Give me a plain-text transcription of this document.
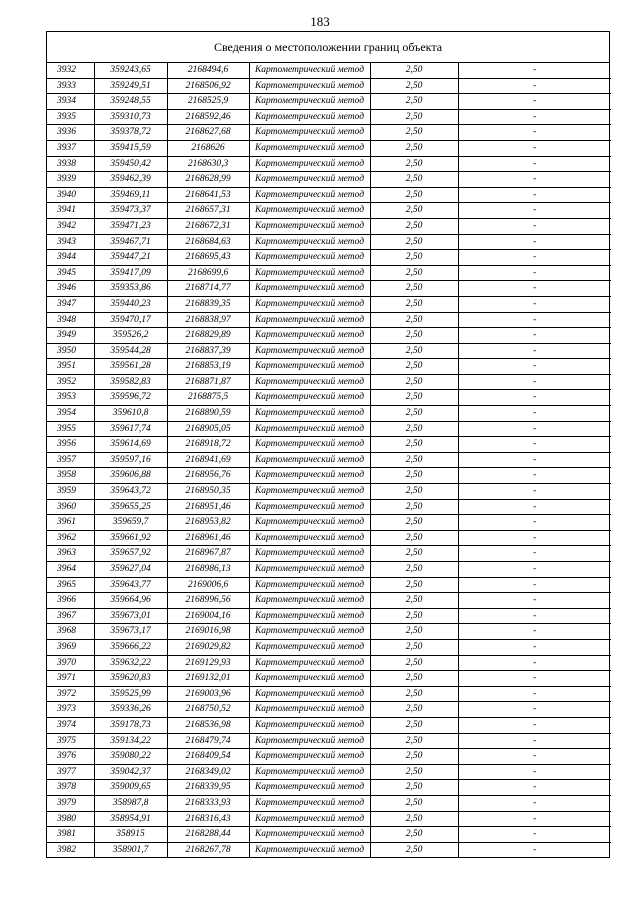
183
Сведения о местоположении границ объекта
3932	359243,65	2168494,6	Картометрический метод	2,50	-
3933	359249,51	2168506,92	Картометрический метод	2,50	-
3934	359248,55	2168525,9	Картометрический метод	2,50	-
3935	359310,73	2168592,46	Картометрический метод	2,50	-
3936	359378,72	2168627,68	Картометрический метод	2,50	-
3937	359415,59	2168626	Картометрический метод	2,50	-
3938	359450,42	2168630,3	Картометрический метод	2,50	-
3939	359462,39	2168628,99	Картометрический метод	2,50	-
3940	359469,11	2168641,53	Картометрический метод	2,50	-
3941	359473,37	2168657,31	Картометрический метод	2,50	-
3942	359471,23	2168672,31	Картометрический метод	2,50	-
3943	359467,71	2168684,63	Картометрический метод	2,50	-
3944	359447,21	2168695,43	Картометрический метод	2,50	-
3945	359417,09	2168699,6	Картометрический метод	2,50	-
3946	359353,86	2168714,77	Картометрический метод	2,50	-
3947	359440,23	2168839,35	Картометрический метод	2,50	-
3948	359470,17	2168838,97	Картометрический метод	2,50	-
3949	359526,2	2168829,89	Картометрический метод	2,50	-
3950	359544,28	2168837,39	Картометрический метод	2,50	-
3951	359561,28	2168853,19	Картометрический метод	2,50	-
3952	359582,83	2168871,87	Картометрический метод	2,50	-
3953	359596,72	2168875,5	Картометрический метод	2,50	-
3954	359610,8	2168890,59	Картометрический метод	2,50	-
3955	359617,74	2168905,05	Картометрический метод	2,50	-
3956	359614,69	2168918,72	Картометрический метод	2,50	-
3957	359597,16	2168941,69	Картометрический метод	2,50	-
3958	359606,88	2168956,76	Картометрический метод	2,50	-
3959	359643,72	2168950,35	Картометрический метод	2,50	-
3960	359655,25	2168951,46	Картометрический метод	2,50	-
3961	359659,7	2168953,82	Картометрический метод	2,50	-
3962	359661,92	2168961,46	Картометрический метод	2,50	-
3963	359657,92	2168967,87	Картометрический метод	2,50	-
3964	359627,04	2168986,13	Картометрический метод	2,50	-
3965	359643,77	2169006,6	Картометрический метод	2,50	-
3966	359664,96	2168996,56	Картометрический метод	2,50	-
3967	359673,01	2169004,16	Картометрический метод	2,50	-
3968	359673,17	2169016,98	Картометрический метод	2,50	-
3969	359666,22	2169029,82	Картометрический метод	2,50	-
3970	359632,22	2169129,93	Картометрический метод	2,50	-
3971	359620,83	2169132,01	Картометрический метод	2,50	-
3972	359525,99	2169003,96	Картометрический метод	2,50	-
3973	359336,26	2168750,52	Картометрический метод	2,50	-
3974	359178,73	2168536,98	Картометрический метод	2,50	-
3975	359134,22	2168479,74	Картометрический метод	2,50	-
3976	359080,22	2168409,54	Картометрический метод	2,50	-
3977	359042,37	2168349,02	Картометрический метод	2,50	-
3978	359009,65	2168339,95	Картометрический метод	2,50	-
3979	358987,8	2168333,93	Картометрический метод	2,50	-
3980	358954,91	2168316,43	Картометрический метод	2,50	-
3981	358915	2168288,44	Картометрический метод	2,50	-
3982	358901,7	2168267,78	Картометрический метод	2,50	-
